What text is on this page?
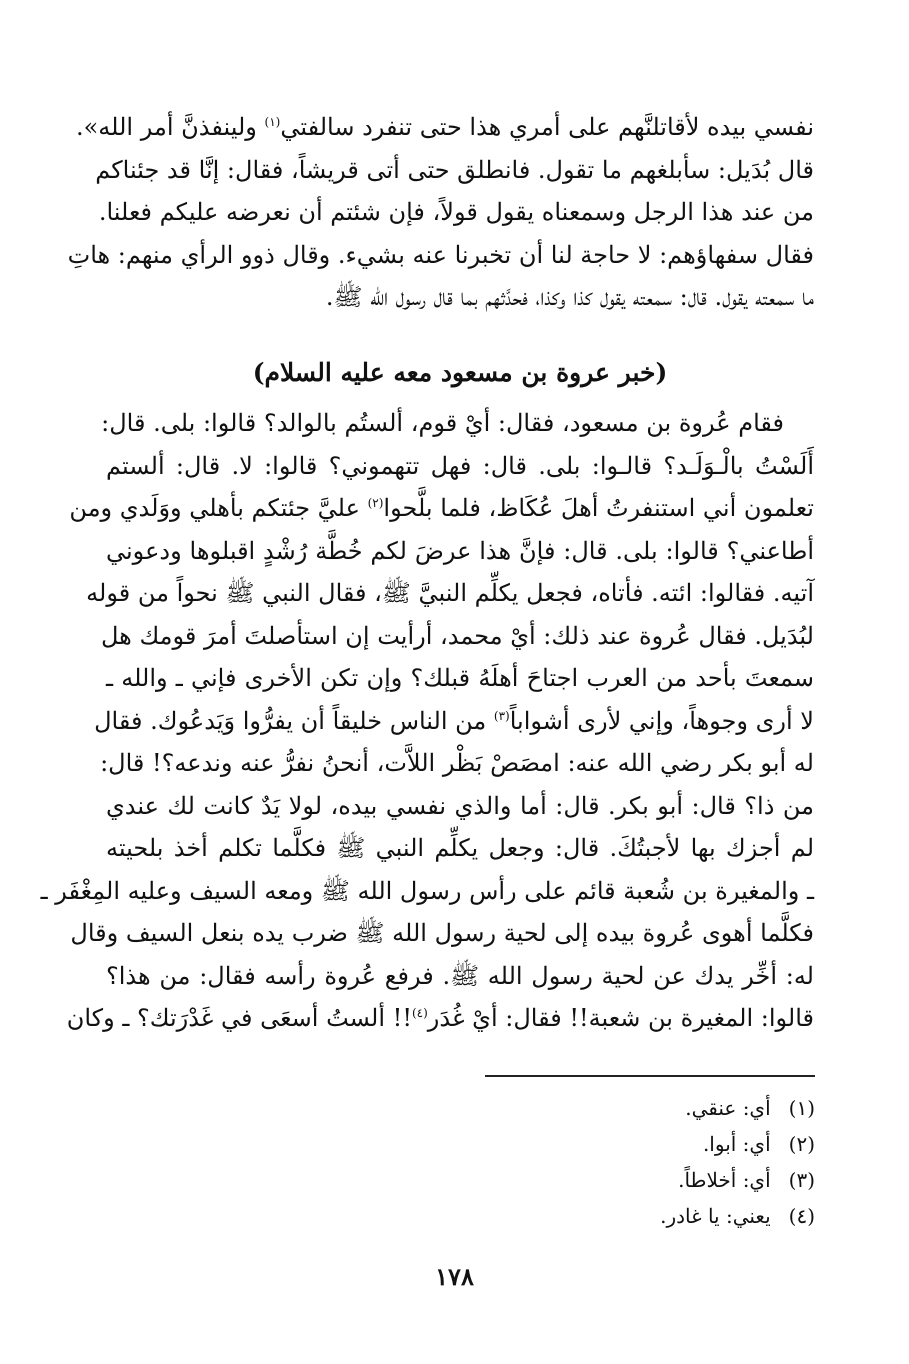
نفسي بيده لأقاتلنَّهم على أمري هذا حتى تنفرد سالفتي$^{(١)}$ ولينفذنَّ أمر الله».
قال بُدَيل: سأبلغهم ما تقول. فانطلق حتى أتى قريشاً، فقال: إنَّا قد جئناكم
من عند هذا الرجل وسمعناه يقول قولاً، فإن شئتم أن نعرضه عليكم فعلنا.
فقال سفهاؤهم: لا حاجة لنا أن تخبرنا عنه بشيء. وقال ذوو الرأي منهم: هاتِ
ما سمعته يقول. قال: سمعته يقول كذا وكذا، فحدَّثهم بما قال رسول الله ﷺ.
(خبر عروة بن مسعود معه عليه السلام)
فقام عُروة بن مسعود، فقال: أيْ قوم، ألستُم بالوالد؟ قالوا: بلى. قال:
أَلَسْتُ بالْـوَلَـد؟ قالـوا: بلى. قال: فهل تتهموني؟ قالوا: لا. قال: ألستم
تعلمون أني استنفرتُ أهلَ عُكَاظ، فلما بلَّحوا$^{(٢)}$ عليَّ جئتكم بأهلي ووَلَدي ومن
أطاعني؟ قالوا: بلى. قال: فإنَّ هذا عرضَ لكم خُطَّة رُشْدٍ اقبلوها ودعوني
آتيه. فقالوا: ائته. فأتاه، فجعل يكلِّم النبيَّ ﷺ، فقال النبي ﷺ نحواً من قوله
لبُدَيل. فقال عُروة عند ذلك: أيْ محمد، أرأيت إن استأصلتَ أمرَ قومك هل
سمعتَ بأحد من العرب اجتاحَ أهلَهُ قبلك؟ وإن تكن الأخرى فإني ـ والله ـ
لا أرى وجوهاً، وإني لأرى أشواباً$^{(٣)}$ من الناس خليقاً أن يفرُّوا وَيَدعُوك. فقال
له أبو بكر رضي الله عنه: امصَصْ بَظْر اللاَّت، أنحنُ نفرُّ عنه وندعه؟! قال:
من ذا؟ قال: أبو بكر. قال: أما والذي نفسي بيده، لولا يَدٌ كانت لك عندي
لم أجزك بها لأجبتُكَ. قال: وجعل يكلِّم النبي ﷺ فكلَّما تكلم أخذ بلحيته
ـ والمغيرة بن شُعبة قائم على رأس رسول الله ﷺ ومعه السيف وعليه المِغْفَر ـ
فكلَّما أهوى عُروة بيده إلى لحية رسول الله ﷺ ضرب يده بنعل السيف وقال
له: أخِّر يدك عن لحية رسول الله ﷺ. فرفع عُروة رأسه فقال: من هذا؟
قالوا: المغيرة بن شعبة!! فقال: أيْ غُدَر$^{(٤)}$!! ألستُ أسعَى في غَدْرَتك؟ ـ وكان
(١) أي: عنقي.
(٢) أي: أبوا.
(٣) أي: أخلاطاً.
(٤) يعني: يا غادر.
١٧٨
